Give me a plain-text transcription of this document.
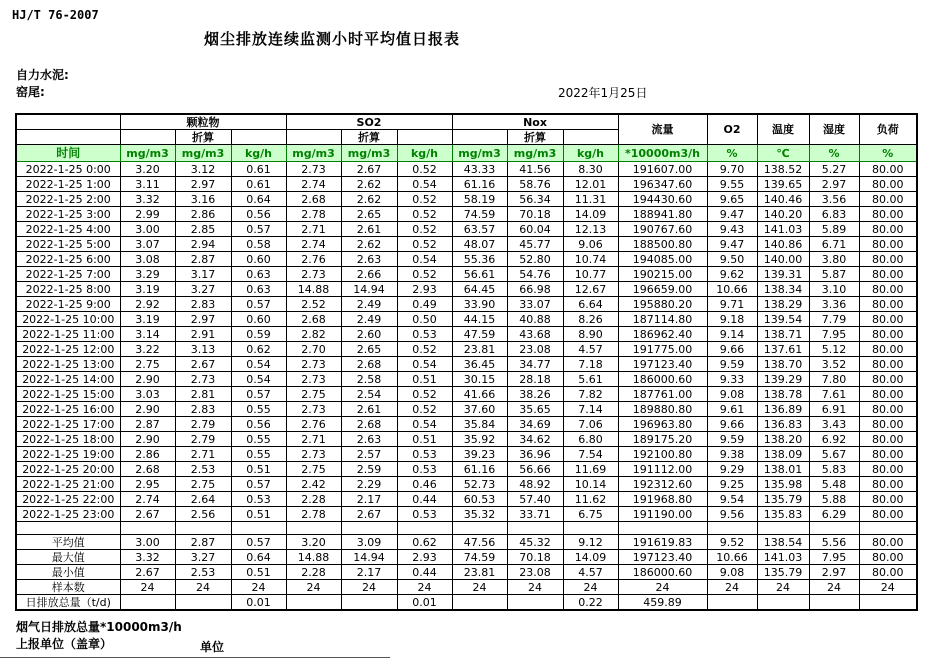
HJ/T 76-2007
烟尘排放连续监测小时平均值日报表
自力水泥:
窑尾:	2022年1月25日
	颗粒物			SO2			Nox			流量	O2	温度	湿度	负荷
		折算			折算			折算						
时间	mg/m3	mg/m3	kg/h	mg/m3	mg/m3	kg/h	mg/m3	mg/m3	kg/h	*10000m3/h	%	℃	%	%
2022-1-25 0:00	3.20	3.12	0.61	2.73	2.67	0.52	43.33	41.56	8.30	191607.00	9.70	138.52	5.27	80.00
2022-1-25 1:00	3.11	2.97	0.61	2.74	2.62	0.54	61.16	58.76	12.01	196347.60	9.55	139.65	2.97	80.00
2022-1-25 2:00	3.32	3.16	0.64	2.68	2.62	0.52	58.19	56.34	11.31	194430.60	9.65	140.46	3.56	80.00
2022-1-25 3:00	2.99	2.86	0.56	2.78	2.65	0.52	74.59	70.18	14.09	188941.80	9.47	140.20	6.83	80.00
2022-1-25 4:00	3.00	2.85	0.57	2.71	2.61	0.52	63.57	60.04	12.13	190767.60	9.43	141.03	5.89	80.00
2022-1-25 5:00	3.07	2.94	0.58	2.74	2.62	0.52	48.07	45.77	9.06	188500.80	9.47	140.86	6.71	80.00
2022-1-25 6:00	3.08	2.87	0.60	2.76	2.63	0.54	55.36	52.80	10.74	194085.00	9.50	140.00	3.80	80.00
2022-1-25 7:00	3.29	3.17	0.63	2.73	2.66	0.52	56.61	54.76	10.77	190215.00	9.62	139.31	5.87	80.00
2022-1-25 8:00	3.19	3.27	0.63	14.88	14.94	2.93	64.45	66.98	12.67	196659.00	10.66	138.34	3.10	80.00
2022-1-25 9:00	2.92	2.83	0.57	2.52	2.49	0.49	33.90	33.07	6.64	195880.20	9.71	138.29	3.36	80.00
2022-1-25 10:00	3.19	2.97	0.60	2.68	2.49	0.50	44.15	40.88	8.26	187114.80	9.18	139.54	7.79	80.00
2022-1-25 11:00	3.14	2.91	0.59	2.82	2.60	0.53	47.59	43.68	8.90	186962.40	9.14	138.71	7.95	80.00
2022-1-25 12:00	3.22	3.13	0.62	2.70	2.65	0.52	23.81	23.08	4.57	191775.00	9.66	137.61	5.12	80.00
2022-1-25 13:00	2.75	2.67	0.54	2.73	2.68	0.54	36.45	34.77	7.18	197123.40	9.59	138.70	3.52	80.00
2022-1-25 14:00	2.90	2.73	0.54	2.73	2.58	0.51	30.15	28.18	5.61	186000.60	9.33	139.29	7.80	80.00
2022-1-25 15:00	3.03	2.81	0.57	2.75	2.54	0.52	41.66	38.26	7.82	187761.00	9.08	138.78	7.61	80.00
2022-1-25 16:00	2.90	2.83	0.55	2.73	2.61	0.52	37.60	35.65	7.14	189880.80	9.61	136.89	6.91	80.00
2022-1-25 17:00	2.87	2.79	0.56	2.76	2.68	0.54	35.84	34.69	7.06	196963.80	9.66	136.83	3.43	80.00
2022-1-25 18:00	2.90	2.79	0.55	2.71	2.63	0.51	35.92	34.62	6.80	189175.20	9.59	138.20	6.92	80.00
2022-1-25 19:00	2.86	2.71	0.55	2.73	2.57	0.53	39.23	36.96	7.54	192100.80	9.38	138.09	5.67	80.00
2022-1-25 20:00	2.68	2.53	0.51	2.75	2.59	0.53	61.16	56.66	11.69	191112.00	9.29	138.01	5.83	80.00
2022-1-25 21:00	2.95	2.75	0.57	2.42	2.29	0.46	52.73	48.92	10.14	192312.60	9.25	135.98	5.48	80.00
2022-1-25 22:00	2.74	2.64	0.53	2.28	2.17	0.44	60.53	57.40	11.62	191968.80	9.54	135.79	5.88	80.00
2022-1-25 23:00	2.67	2.56	0.51	2.78	2.67	0.53	35.32	33.71	6.75	191190.00	9.56	135.83	6.29	80.00

平均值	3.00	2.87	0.57	3.20	3.09	0.62	47.56	45.32	9.12	191619.83	9.52	138.54	5.56	80.00
最大值	3.32	3.27	0.64	14.88	14.94	2.93	74.59	70.18	14.09	197123.40	10.66	141.03	7.95	80.00
最小值	2.67	2.53	0.51	2.28	2.17	0.44	23.81	23.08	4.57	186000.60	9.08	135.79	2.97	80.00
样本数	24	24	24	24	24	24	24	24	24	24	24	24	24	24
日排放总量（t/d)			0.01			0.01			0.22	459.89				
烟气日排放总量*10000m3/h
上报单位（盖章）	单位
